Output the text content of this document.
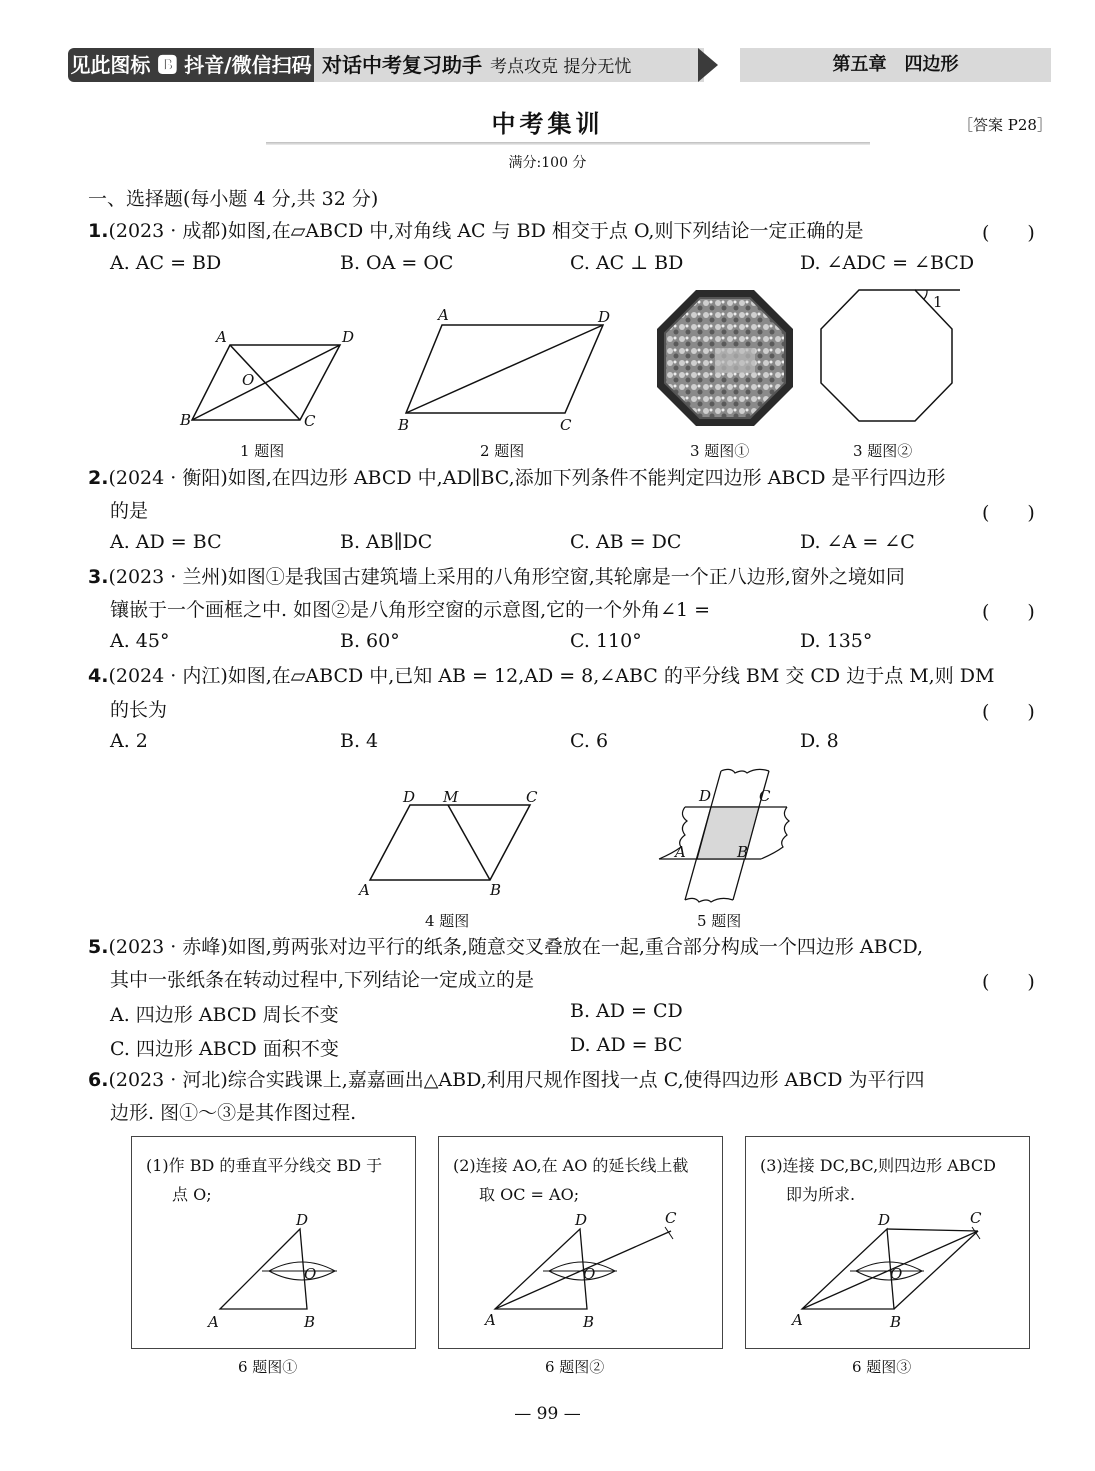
见此图标 🅱 抖音/微信扫码 对话中考复习助手 考点攻克 提分无忧	第五章　四边形
中考集训	［答案 P28］
满分:100 分
一、选择题(每小题 4 分,共 32 分)
1.(2023 · 成都)如图,在▱ABCD 中,对角线 AC 与 BD 相交于点 O,则下列结论一定正确的是	(　　)
A. AC = BD	B. OA = OC	C. AC ⊥ BD	D. ∠ADC = ∠BCD
A	D
B	C
O
1 题图
A	D
B	C
2 题图	3 题图①
1
3 题图②
2.(2024 · 衡阳)如图,在四边形 ABCD 中,AD∥BC,添加下列条件不能判定四边形 ABCD 是平行四边形
的是	(　　)
A. AD = BC	B. AB∥DC	C. AB = DC	D. ∠A = ∠C
3.(2023 · 兰州)如图①是我国古建筑墙上采用的八角形空窗,其轮廓是一个正八边形,窗外之境如同
镶嵌于一个画框之中. 如图②是八角形空窗的示意图,它的一个外角∠1 =	(　　)
A. 45°	B. 60°	C. 110°	D. 135°
4.(2024 · 内江)如图,在▱ABCD 中,已知 AB = 12,AD = 8,∠ABC 的平分线 BM 交 CD 边于点 M,则 DM
的长为	(　　)
A. 2	B. 4	C. 6	D. 8
D M	C
A	B
4 题图
D	C
A	B
5 题图
5.(2023 · 赤峰)如图,剪两张对边平行的纸条,随意交叉叠放在一起,重合部分构成一个四边形 ABCD,
其中一张纸条在转动过程中,下列结论一定成立的是	(　　)
A. 四边形 ABCD 周长不变	B. AD = CD
C. 四边形 ABCD 面积不变	D. AD = BC
6.(2023 · 河北)综合实践课上,嘉嘉画出△ABD,利用尺规作图找一点 C,使得四边形 ABCD 为平行四
边形. 图①～③是其作图过程.
(1)作 BD 的垂直平分线交 BD 于
点 O;
D
A	B
O
6 题图①
(2)连接 AO,在 AO 的延长线上截
取 OC = AO;
D	C
A	B
O
6 题图②
(3)连接 DC,BC,则四边形 ABCD
即为所求.
D	C
A	B
O
6 题图③
— 99 —
